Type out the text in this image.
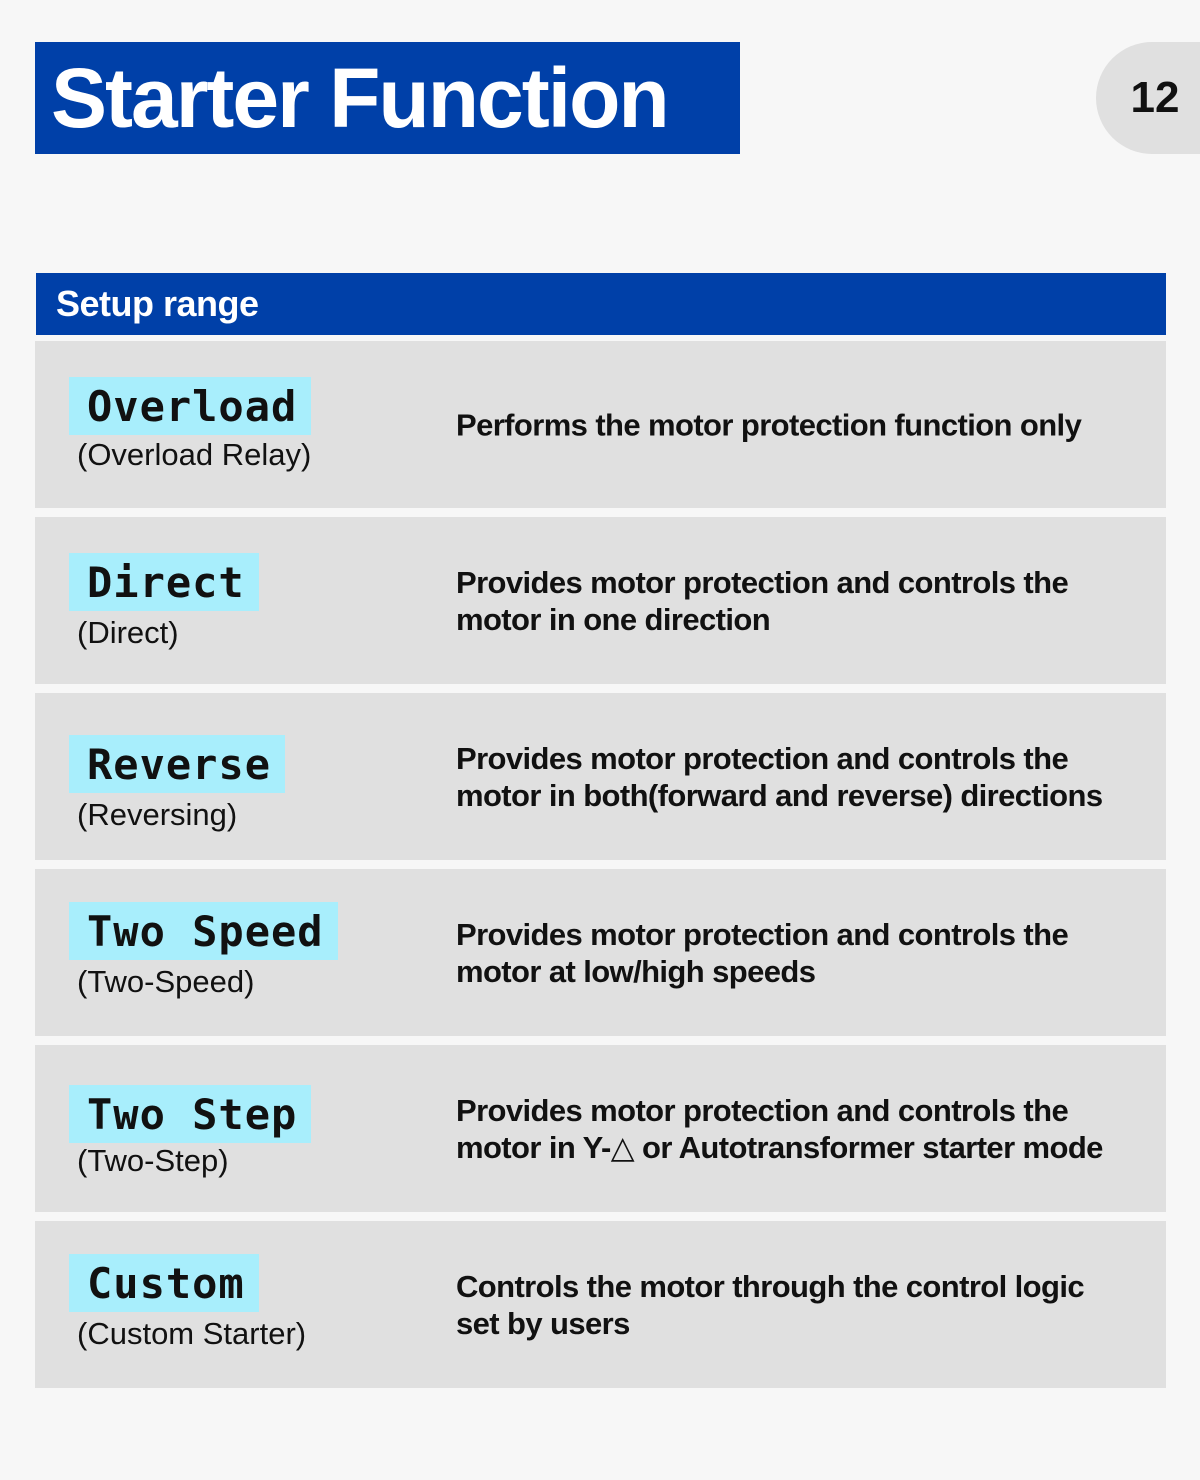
Starter Function	12
Setup range
Overload
(Overload Relay)
Performs the motor protection function only
Direct
(Direct)
Provides motor protection and controls the
motor in one direction
Reverse
(Reversing)
Provides motor protection and controls the
motor in both(forward and reverse) directions
Two Speed
(Two-Speed)
Provides motor protection and controls the
motor at low/high speeds
Two Step
(Two-Step)
Provides motor protection and controls the
motor in Y-△ or Autotransformer starter mode
Custom
(Custom Starter)
Controls the motor through the control logic
set by users
